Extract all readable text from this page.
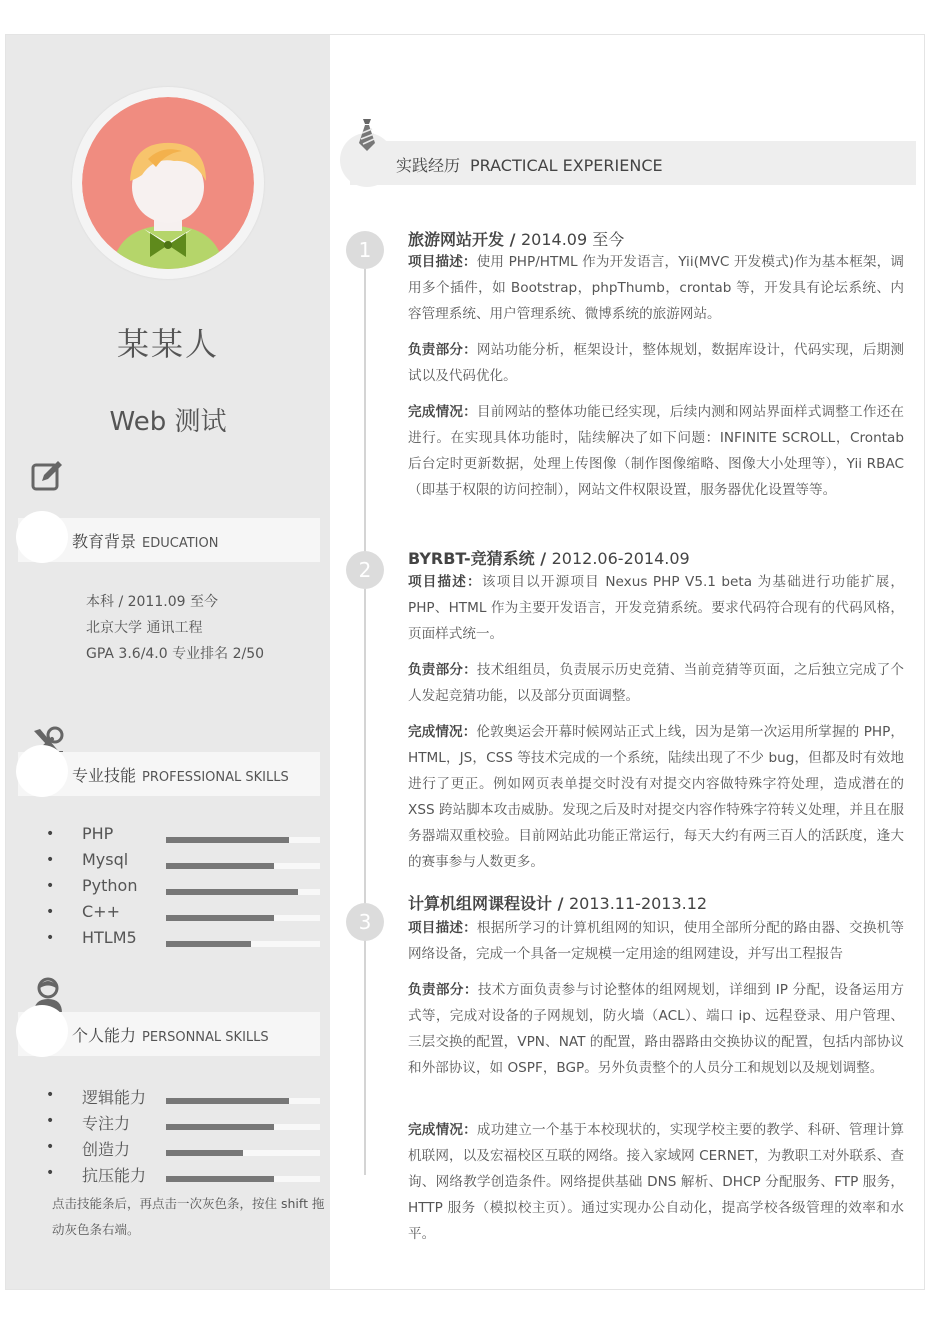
某某人
Web 测试
教育背景 EDUCATION
本科 / 2011.09 至今
北京大学 通讯工程
GPA 3.6/4.0 专业排名 2/50
专业技能 PROFESSIONAL SKILLS
• PHP
• Mysql
• Python
• C++
• HTLM5
个人能力 PERSONNAL SKILLS
• 逻辑能力
• 专注力
• 创造力
• 抗压能力
点击技能条后，再点击一次灰色条，按住 shift 拖动灰色条右端。
实践经历 PRACTICAL EXPERIENCE
1	旅游网站开发 / 2014.09 至今
项目描述：使用 PHP/HTML 作为开发语言，Yii(MVC 开发模式)作为基本框架，调用多个插件，如 Bootstrap，phpThumb，crontab 等，开发具有论坛系统、内容管理系统、用户管理系统、微博系统的旅游网站。
负责部分：网站功能分析，框架设计，整体规划，数据库设计，代码实现，后期测试以及代码优化。
完成情况：目前网站的整体功能已经实现，后续内测和网站界面样式调整工作还在进行。在实现具体功能时，陆续解决了如下问题：INFINITE SCROLL，Crontab 后台定时更新数据，处理上传图像（制作图像缩略、图像大小处理等），Yii RBAC（即基于权限的访问控制），网站文件权限设置，服务器优化设置等等。
2	BYRBT-竞猜系统 / 2012.06-2014.09
项目描述：该项目以开源项目 Nexus PHP V5.1 beta 为基础进行功能扩展，PHP、HTML 作为主要开发语言，开发竞猜系统。要求代码符合现有的代码风格，页面样式统一。
负责部分：技术组组员，负责展示历史竞猜、当前竞猜等页面，之后独立完成了个人发起竞猜功能，以及部分页面调整。
完成情况：伦敦奥运会开幕时候网站正式上线，因为是第一次运用所掌握的 PHP，HTML，JS，CSS 等技术完成的一个系统，陆续出现了不少 bug，但都及时有效地进行了更正。例如网页表单提交时没有对提交内容做特殊字符处理，造成潜在的 XSS 跨站脚本攻击威胁。发现之后及时对提交内容作特殊字符转义处理，并且在服务器端双重校验。目前网站此功能正常运行，每天大约有两三百人的活跃度，逢大的赛事参与人数更多。
3
计算机组网课程设计 / 2013.11-2013.12
项目描述：根据所学习的计算机组网的知识，使用全部所分配的路由器、交换机等网络设备，完成一个具备一定规模一定用途的组网建设，并写出工程报告
负责部分：技术方面负责参与讨论整体的组网规划，详细到 IP 分配，设备运用方式等，完成对设备的子网规划，防火墙（ACL）、端口 ip、远程登录、用户管理、三层交换的配置，VPN、NAT 的配置，路由器路由交换协议的配置，包括内部协议和外部协议，如 OSPF，BGP。另外负责整个的人员分工和规划以及规划调整。
完成情况：成功建立一个基于本校现状的，实现学校主要的教学、科研、管理计算机联网，以及宏福校区互联的网络。接入家域网 CERNET，为教职工对外联系、查询、网络教学创造条件。网络提供基础 DNS 解析、DHCP 分配服务、FTP 服务，HTTP 服务（模拟校主页）。通过实现办公自动化，提高学校各级管理的效率和水平。
